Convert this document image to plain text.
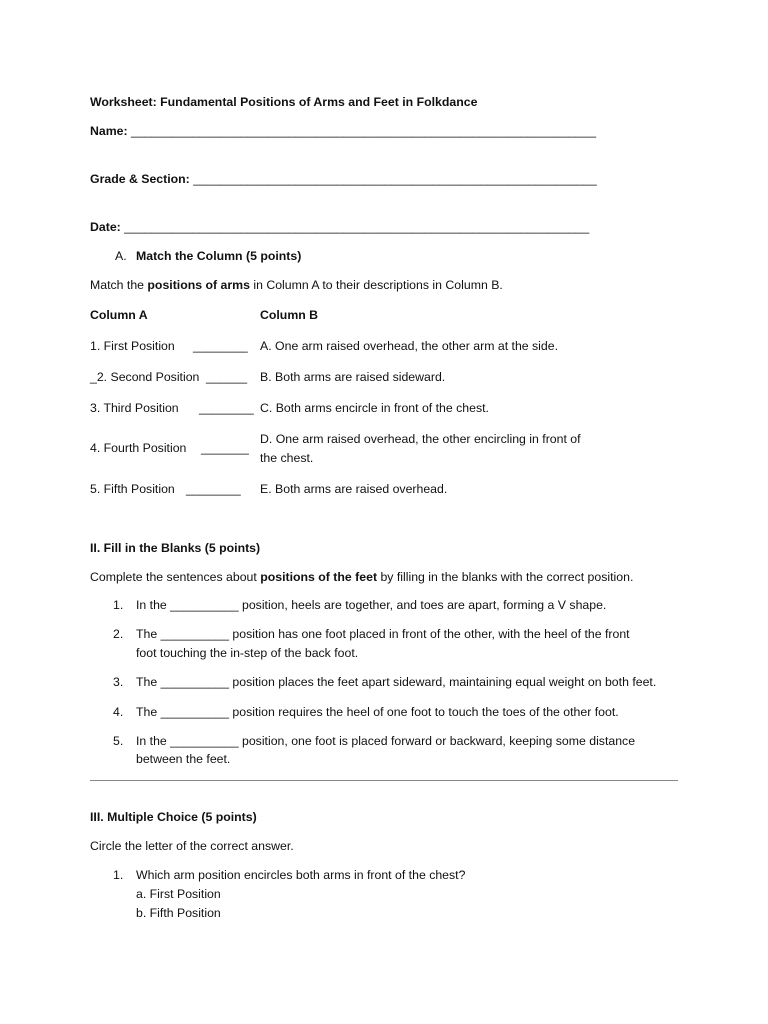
Worksheet: Fundamental Positions of Arms and Feet in Folkdance
Name: ____________________________________________________________________
Grade & Section: ___________________________________________________________
Date: ____________________________________________________________________
A. Match the Column (5 points)
Match the positions of arms in Column A to their descriptions in Column B.
Column A	Column B
1. First Position ________ A. One arm raised overhead, the other arm at the side.
_2. Second Position ______ B. Both arms are raised sideward.
3. Third Position ________ C. Both arms encircle in front of the chest.
4. Fourth Position _______
D. One arm raised overhead, the other encircling in front of
the chest.
5. Fifth Position ________ E. Both arms are raised overhead.
II. Fill in the Blanks (5 points)
Complete the sentences about positions of the feet by filling in the blanks with the correct position.
1. In the __________ position, heels are together, and toes are apart, forming a V shape.
2. The __________ position has one foot placed in front of the other, with the heel of the front
foot touching the in-step of the back foot.
3. The __________ position places the feet apart sideward, maintaining equal weight on both feet.
4. The __________ position requires the heel of one foot to touch the toes of the other foot.
5. In the __________ position, one foot is placed forward or backward, keeping some distance
between the feet.
III. Multiple Choice (5 points)
Circle the letter of the correct answer.
1. Which arm position encircles both arms in front of the chest?
a. First Position
b. Fifth Position
